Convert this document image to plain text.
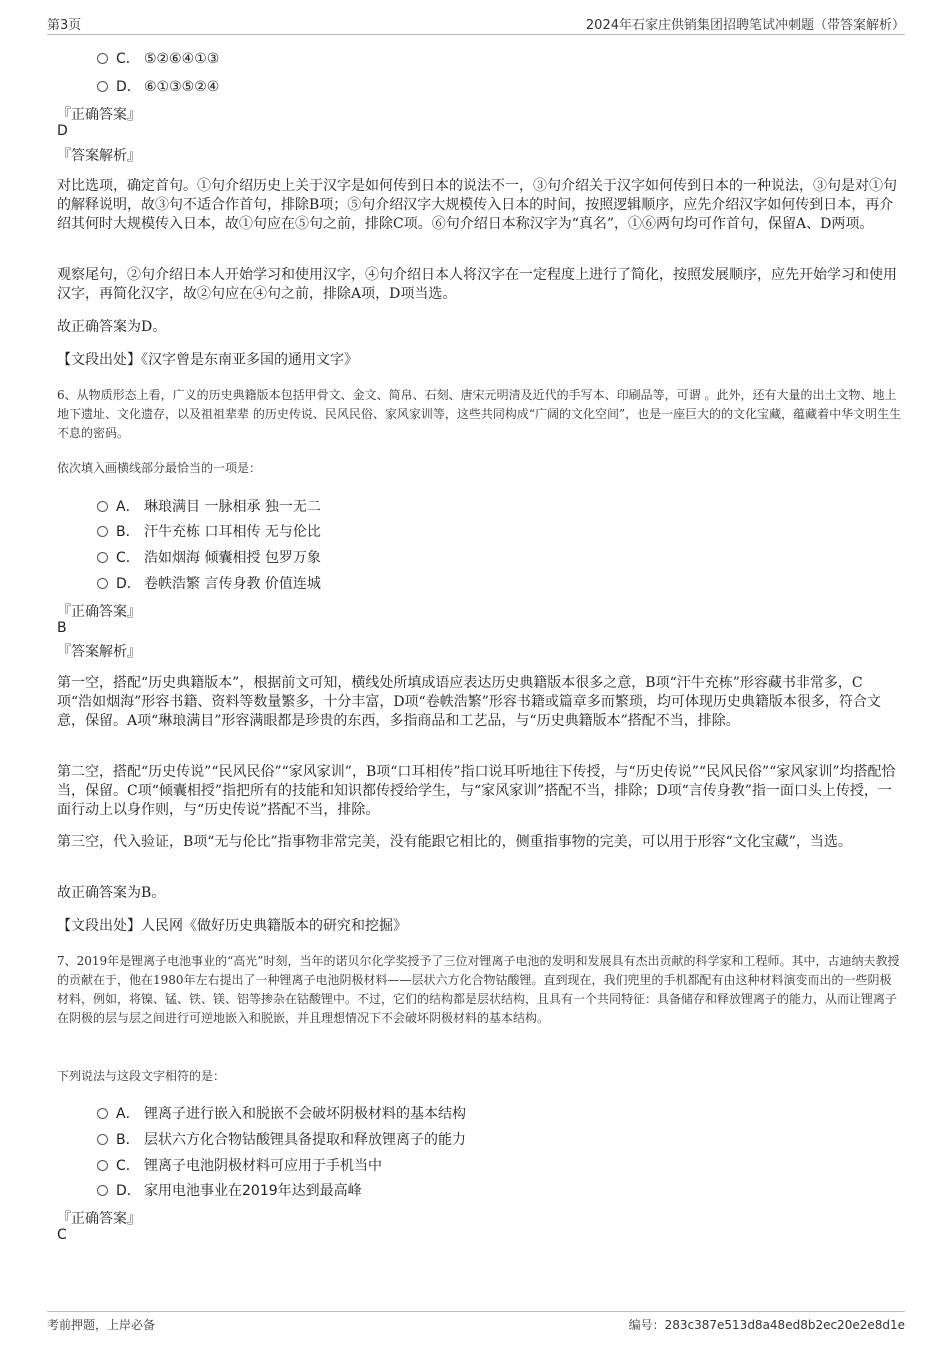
第3页	2024年石家庄供销集团招聘笔试冲刺题（带答案解析）
C． ⑤②⑥④①③
D． ⑥①③⑤②④
『正确答案』
D
『答案解析』
对比选项，确定首句。①句介绍历史上关于汉字是如何传到日本的说法不一，③句介绍关于汉字如何传到日本的一种说法，③句是对①句的解释说明，故③句不适合作首句，排除B项；⑤句介绍汉字大规模传入日本的时间，按照逻辑顺序，应先介绍汉字如何传到日本，再介绍其何时大规模传入日本，故①句应在⑤句之前，排除C项。⑥句介绍日本称汉字为“真名”，①⑥两句均可作首句，保留A、D两项。
观察尾句，②句介绍日本人开始学习和使用汉字，④句介绍日本人将汉字在一定程度上进行了简化，按照发展顺序，应先开始学习和使用汉字，再简化汉字，故②句应在④句之前，排除A项，D项当选。
故正确答案为D。
【文段出处】《汉字曾是东南亚多国的通用文字》
6、从物质形态上看，广义的历史典籍版本包括甲骨文、金文、简帛、石刻、唐宋元明清及近代的手写本、印刷品等，可谓 。此外，还有大量的出土文物、地上地下遗址、文化遗存，以及祖祖辈辈 的历史传说、民风民俗、家风家训等，这些共同构成“广阔的文化空间”，也是一座巨大的的文化宝藏，蕴藏着中华文明生生不息的密码。
依次填入画横线部分最恰当的一项是：
A． 琳琅满目 一脉相承 独一无二
B． 汗牛充栋 口耳相传 无与伦比
C． 浩如烟海 倾囊相授 包罗万象
D． 卷帙浩繁 言传身教 价值连城
『正确答案』
B
『答案解析』
第一空，搭配“历史典籍版本”，根据前文可知，横线处所填成语应表达历史典籍版本很多之意，B项“汗牛充栋”形容藏书非常多，C项“浩如烟海”形容书籍、资料等数量繁多，十分丰富，D项“卷帙浩繁”形容书籍或篇章多而繁琐，均可体现历史典籍版本很多，符合文意，保留。A项“琳琅满目”形容满眼都是珍贵的东西，多指商品和工艺品，与“历史典籍版本”搭配不当，排除。
第二空，搭配“历史传说”“民风民俗”“家风家训”，B项“口耳相传”指口说耳听地往下传授，与“历史传说”“民风民俗”“家风家训”均搭配恰当，保留。C项“倾囊相授”指把所有的技能和知识都传授给学生，与“家风家训”搭配不当，排除；D项“言传身教”指一面口头上传授，一面行动上以身作则，与“历史传说”搭配不当，排除。
第三空，代入验证，B项“无与伦比”指事物非常完美，没有能跟它相比的，侧重指事物的完美，可以用于形容“文化宝藏”，当选。
故正确答案为B。
【文段出处】人民网《做好历史典籍版本的研究和挖掘》
7、2019年是锂离子电池事业的“高光”时刻，当年的诺贝尔化学奖授予了三位对锂离子电池的发明和发展具有杰出贡献的科学家和工程师。其中，古迪纳夫教授的贡献在于，他在1980年左右提出了一种锂离子电池阴极材料——层状六方化合物钴酸锂。直到现在，我们兜里的手机都配有由这种材料演变而出的一些阴极材料，例如，将镍、锰、铁、镁、铝等掺杂在钴酸锂中。不过，它们的结构都是层状结构，且具有一个共同特征：具备储存和释放锂离子的能力，从而让锂离子在阴极的层与层之间进行可逆地嵌入和脱嵌，并且理想情况下不会破坏阴极材料的基本结构。
下列说法与这段文字相符的是：
A． 锂离子进行嵌入和脱嵌不会破坏阴极材料的基本结构
B． 层状六方化合物钴酸锂具备提取和释放锂离子的能力
C． 锂离子电池阴极材料可应用于手机当中
D． 家用电池事业在2019年达到最高峰
『正确答案』
C
考前押题，上岸必备	编号：283c387e513d8a48ed8b2ec20e2e8d1e
